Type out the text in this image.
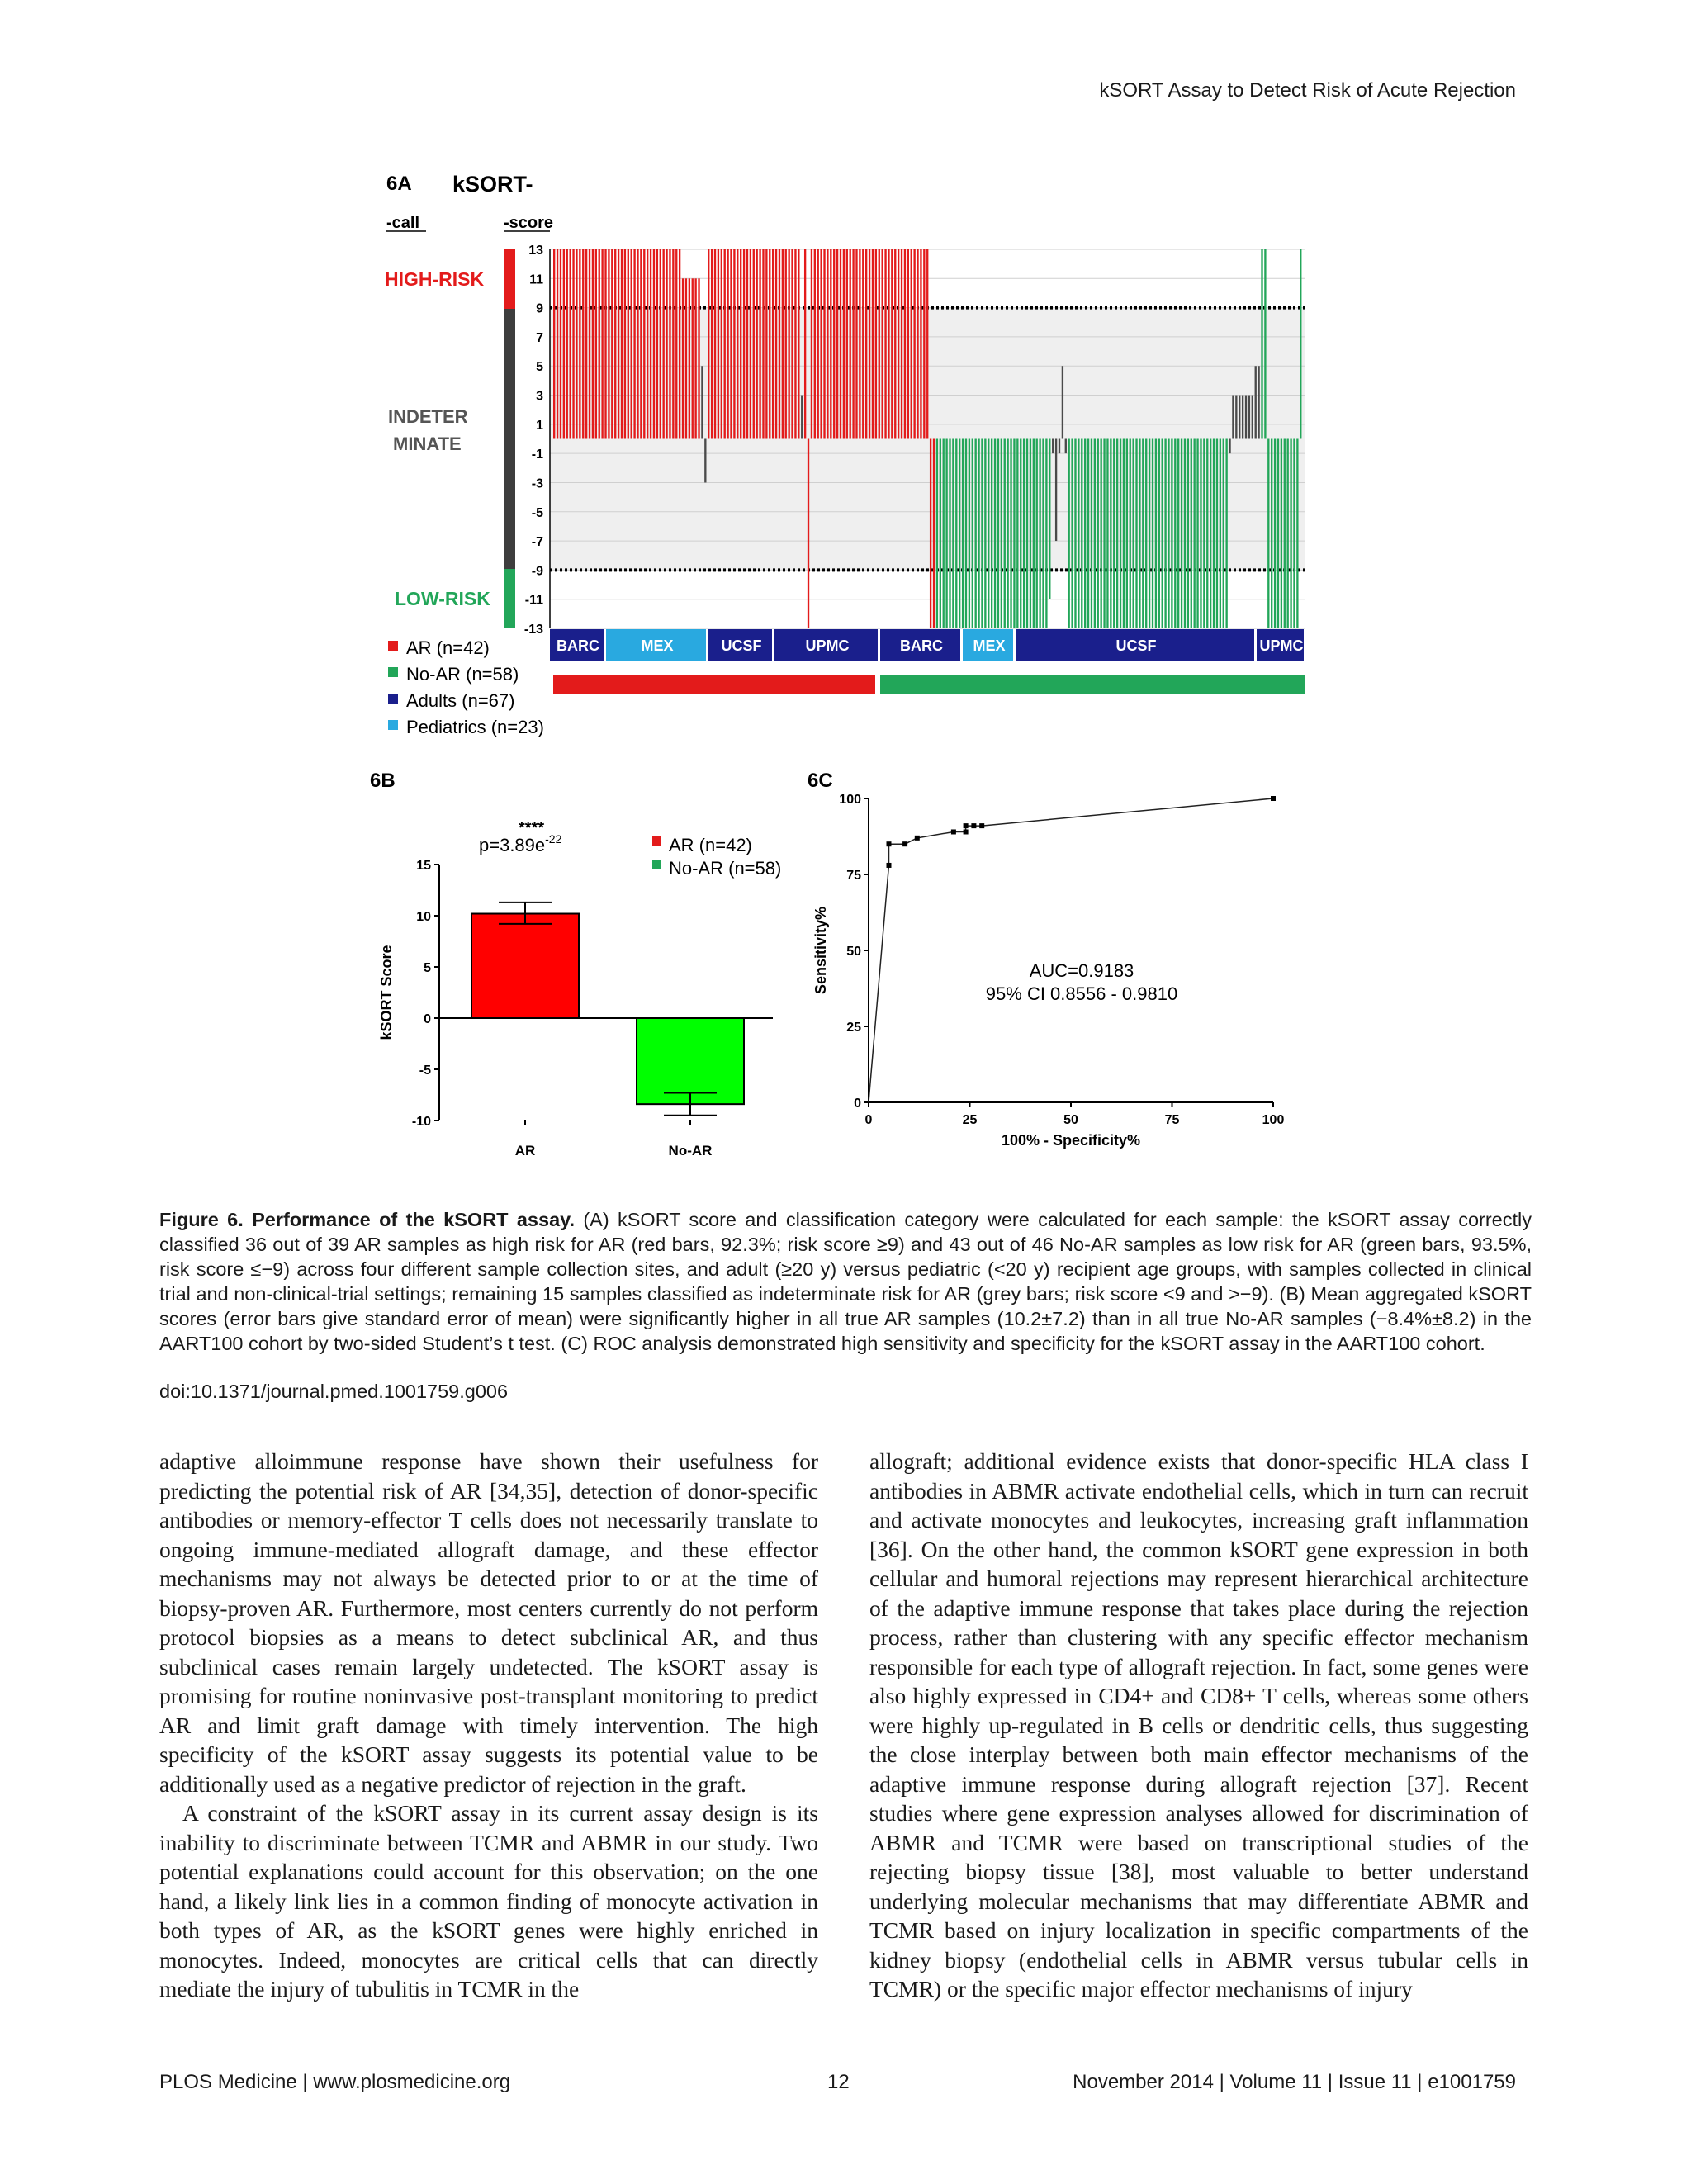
kSORT Assay to Detect Risk of Acute Rejection
6A kSORT-
-call	-score
HIGH-RISK
INDETER
MINATE
LOW-RISK
13
11
9
7
5
3
1
-1
-3
-5
-7
-9
-11
-13
BARC	MEX	UCSF	UPMC	BARC MEX	UCSF	UPMC
AR (n=42)
No-AR (n=58)
Adults (n=67)
Pediatrics (n=23)
6B
****
$p=3.89e^{-22}$
15
10
5
0
-5
-10
kSORT Score
AR	No-AR
AR (n=42)
No-AR (n=58)
6C
AUC=0.9183
95% CI 0.8556 - 0.9810
0
25
50
75
100
0	25	50	75	100
100% - Specificity%
Sensitivity%
Figure 6. Performance of the kSORT assay. (A) kSORT score and classification category were calculated for each sample: the kSORT assay correctly classified 36 out of 39 AR samples as high risk for AR (red bars, 92.3%; risk score ≥9) and 43 out of 46 No-AR samples as low risk for AR (green bars, 93.5%, risk score ≤−9) across four different sample collection sites, and adult (≥20 y) versus pediatric (<20 y) recipient age groups, with samples collected in clinical trial and non-clinical-trial settings; remaining 15 samples classified as indeterminate risk for AR (grey bars; risk score <9 and >−9). (B) Mean aggregated kSORT scores (error bars give standard error of mean) were significantly higher in all true AR samples (10.2±7.2) than in all true No-AR samples (−8.4%±8.2) in the AART100 cohort by two-sided Student’s t test. (C) ROC analysis demonstrated high sensitivity and specificity for the kSORT assay in the AART100 cohort.
doi:10.1371/journal.pmed.1001759.g006

adaptive alloimmune response have shown their usefulness for predicting the potential risk of AR [34,35], detection of donor-specific antibodies or memory-effector T cells does not necessarily translate to ongoing immune-mediated allograft damage, and these effector mechanisms may not always be detected prior to or at the time of biopsy-proven AR. Furthermore, most centers currently do not perform protocol biopsies as a means to detect subclinical AR, and thus subclinical cases remain largely undetected. The kSORT assay is promising for routine noninvasive post-transplant monitoring to predict AR and limit graft damage with timely intervention. The high specificity of the kSORT assay suggests its potential value to be additionally used as a negative predictor of rejection in the graft.

A constraint of the kSORT assay in its current assay design is its inability to discriminate between TCMR and ABMR in our study. Two potential explanations could account for this observation; on the one hand, a likely link lies in a common finding of monocyte activation in both types of AR, as the kSORT genes were highly enriched in monocytes. Indeed, monocytes are critical cells that can directly mediate the injury of tubulitis in TCMR in the

allograft; additional evidence exists that donor-specific HLA class I antibodies in ABMR activate endothelial cells, which in turn can recruit and activate monocytes and leukocytes, increasing graft inflammation [36]. On the other hand, the common kSORT gene expression in both cellular and humoral rejections may represent hierarchical architecture of the adaptive immune response that takes place during the rejection process, rather than clustering with any specific effector mechanism responsible for each type of allograft rejection. In fact, some genes were also highly expressed in CD4+ and CD8+ T cells, whereas some others were highly up-regulated in B cells or dendritic cells, thus suggesting the close interplay between both main effector mechanisms of the adaptive immune response during allograft rejection [37]. Recent studies where gene expression analyses allowed for discrimination of ABMR and TCMR were based on transcriptional studies of the rejecting biopsy tissue [38], most valuable to better understand underlying molecular mechanisms that may differentiate ABMR and TCMR based on injury localization in specific compartments of the kidney biopsy (endothelial cells in ABMR versus tubular cells in TCMR) or the specific major effector mechanisms of injury

PLOS Medicine | www.plosmedicine.org	12	November 2014 | Volume 11 | Issue 11 | e1001759
